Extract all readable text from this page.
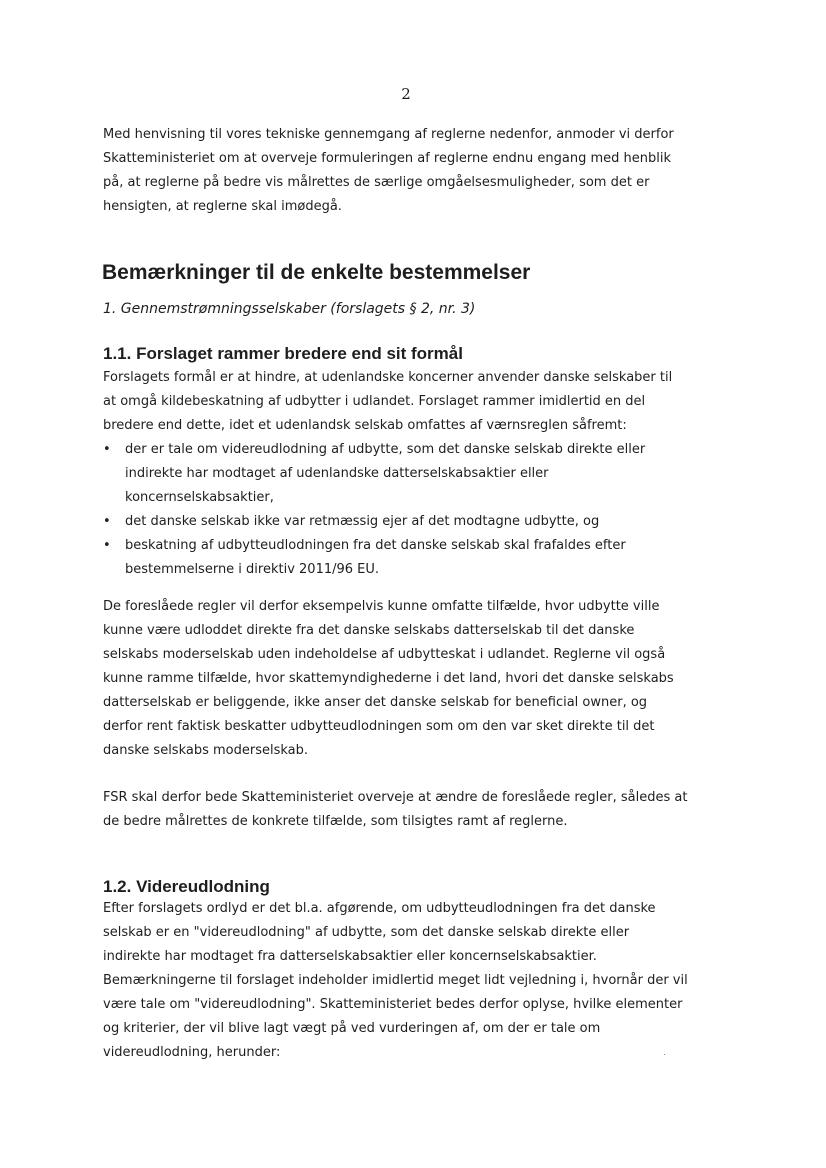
2
Med henvisning til vores tekniske gennemgang af reglerne nedenfor, anmoder vi derfor
Skatteministeriet om at overveje formuleringen af reglerne endnu engang med henblik
på, at reglerne på bedre vis målrettes de særlige omgåelsesmuligheder, som det er
hensigten, at reglerne skal imødegå.
Bemærkninger til de enkelte bestemmelser
1. Gennemstrømningsselskaber (forslagets § 2, nr. 3)
1.1. Forslaget rammer bredere end sit formål
Forslagets formål er at hindre, at udenlandske koncerner anvender danske selskaber til
at omgå kildebeskatning af udbytter i udlandet. Forslaget rammer imidlertid en del
bredere end dette, idet et udenlandsk selskab omfattes af værnsreglen såfremt:
• der er tale om videreudlodning af udbytte, som det danske selskab direkte eller
indirekte har modtaget af udenlandske datterselskabsaktier eller
koncernselskabsaktier,
• det danske selskab ikke var retmæssig ejer af det modtagne udbytte, og
• beskatning af udbytteudlodningen fra det danske selskab skal frafaldes efter
bestemmelserne i direktiv 2011/96 EU.
De foreslåede regler vil derfor eksempelvis kunne omfatte tilfælde, hvor udbytte ville
kunne være udloddet direkte fra det danske selskabs datterselskab til det danske
selskabs moderselskab uden indeholdelse af udbytteskat i udlandet. Reglerne vil også
kunne ramme tilfælde, hvor skattemyndighederne i det land, hvori det danske selskabs
datterselskab er beliggende, ikke anser det danske selskab for beneficial owner, og
derfor rent faktisk beskatter udbytteudlodningen som om den var sket direkte til det
danske selskabs moderselskab.
FSR skal derfor bede Skatteministeriet overveje at ændre de foreslåede regler, således at
de bedre målrettes de konkrete tilfælde, som tilsigtes ramt af reglerne.
1.2. Videreudlodning

Efter forslagets ordlyd er det bl.a. afgørende, om udbytteudlodningen fra det danske

selskab er en "videreudlodning" af udbytte, som det danske selskab direkte eller

indirekte har modtaget fra datterselskabsaktier eller koncernselskabsaktier.

Bemærkningerne til forslaget indeholder imidlertid meget lidt vejledning i, hvornår der vil

være tale om "videreudlodning". Skatteministeriet bedes derfor oplyse, hvilke elementer

og kriterier, der vil blive lagt vægt på ved vurderingen af, om der er tale om

videreudlodning, herunder:
